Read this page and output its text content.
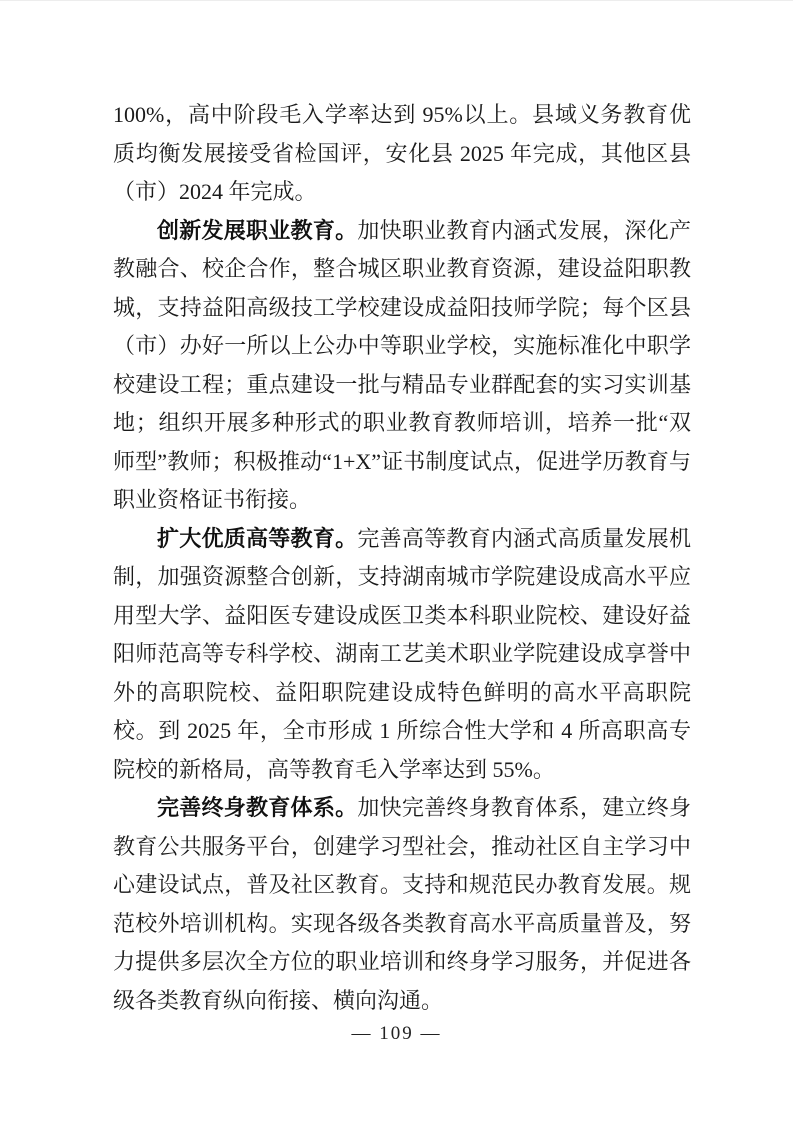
100%，高中阶段毛入学率达到 95%以上。县域义务教育优质均衡发展接受省检国评，安化县 2025 年完成，其他区县（市）2024 年完成。

创新发展职业教育。加快职业教育内涵式发展，深化产教融合、校企合作，整合城区职业教育资源，建设益阳职教城，支持益阳高级技工学校建设成益阳技师学院；每个区县（市）办好一所以上公办中等职业学校，实施标准化中职学校建设工程；重点建设一批与精品专业群配套的实习实训基地；组织开展多种形式的职业教育教师培训，培养一批“双师型”教师；积极推动“1+X”证书制度试点，促进学历教育与职业资格证书衔接。

扩大优质高等教育。完善高等教育内涵式高质量发展机制，加强资源整合创新，支持湖南城市学院建设成高水平应用型大学、益阳医专建设成医卫类本科职业院校、建设好益阳师范高等专科学校、湖南工艺美术职业学院建设成享誉中外的高职院校、益阳职院建设成特色鲜明的高水平高职院校。到 2025 年，全市形成 1 所综合性大学和 4 所高职高专院校的新格局，高等教育毛入学率达到 55%。

完善终身教育体系。加快完善终身教育体系，建立终身教育公共服务平台，创建学习型社会，推动社区自主学习中心建设试点，普及社区教育。支持和规范民办教育发展。规范校外培训机构。实现各级各类教育高水平高质量普及，努力提供多层次全方位的职业培训和终身学习服务，并促进各级各类教育纵向衔接、横向沟通。

— 109 —
